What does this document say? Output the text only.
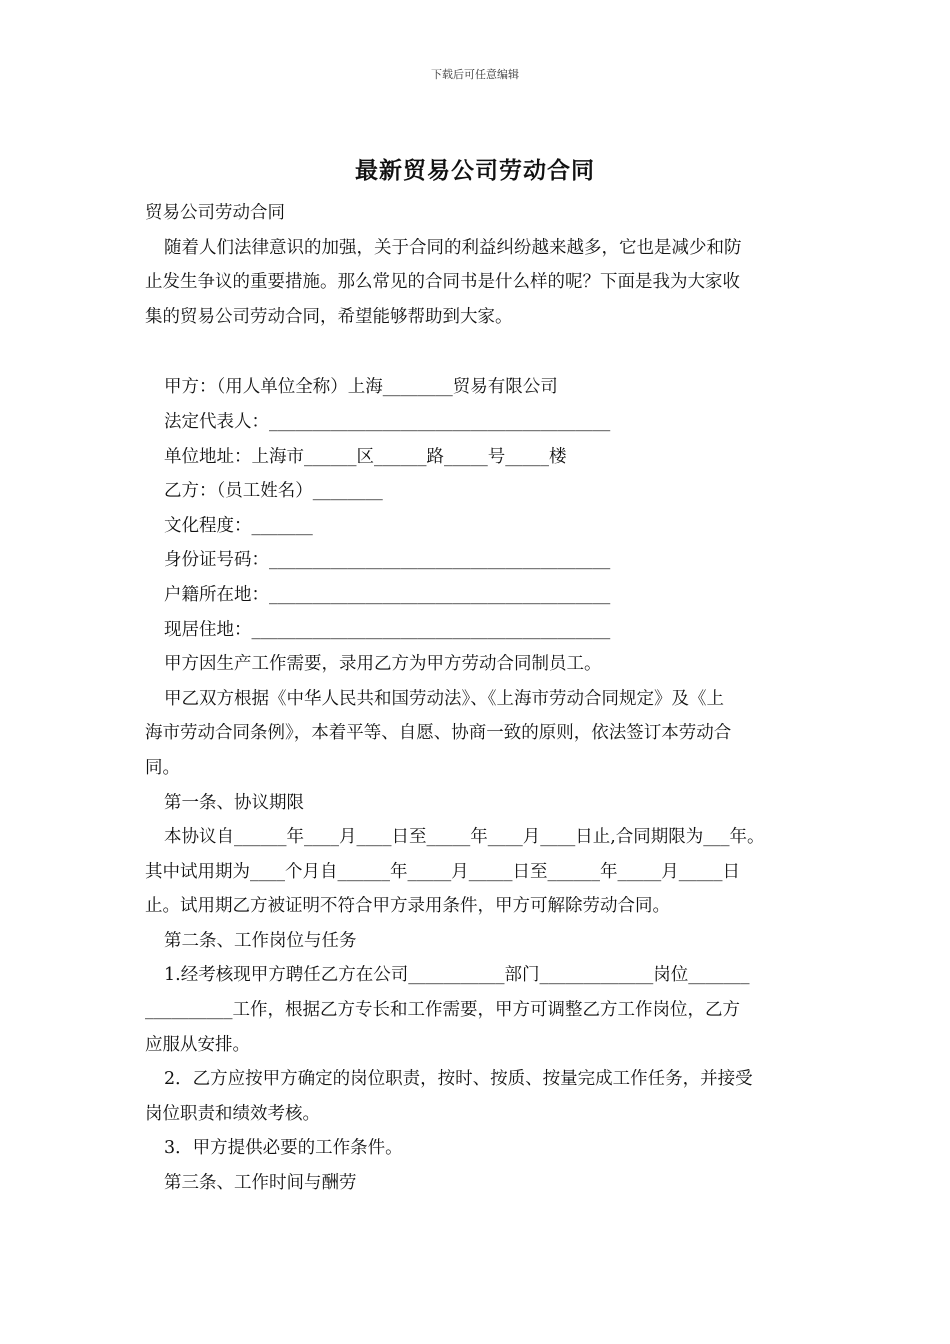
下载后可任意编辑
最新贸易公司劳动合同
贸易公司劳动合同
随着人们法律意识的加强，关于合同的利益纠纷越来越多，它也是减少和防
止发生争议的重要措施。那么常见的合同书是什么样的呢？下面是我为大家收
集的贸易公司劳动合同，希望能够帮助到大家。
甲方：（用人单位全称）上海________贸易有限公司
法定代表人：_______________________________________
单位地址：上海市______区______路_____号_____楼
乙方：（员工姓名）________
文化程度：_______
身份证号码：_______________________________________
户籍所在地：_______________________________________
现居住地：_________________________________________
甲方因生产工作需要，录用乙方为甲方劳动合同制员工。
甲乙双方根据《中华人民共和国劳动法》、《上海市劳动合同规定》及《上
海市劳动合同条例》，本着平等、自愿、协商一致的原则，依法签订本劳动合
同。
第一条、协议期限
本协议自______年____月____日至_____年____月____日止,合同期限为___年。
其中试用期为____个月自______年_____月_____日至______年_____月_____日
止。试用期乙方被证明不符合甲方录用条件，甲方可解除劳动合同。
第二条、工作岗位与任务
1.经考核现甲方聘任乙方在公司___________部门_____________岗位_______
__________工作，根据乙方专长和工作需要，甲方可调整乙方工作岗位，乙方
应服从安排。
2．乙方应按甲方确定的岗位职责，按时、按质、按量完成工作任务，并接受
岗位职责和绩效考核。
3．甲方提供必要的工作条件。
第三条、工作时间与酬劳
